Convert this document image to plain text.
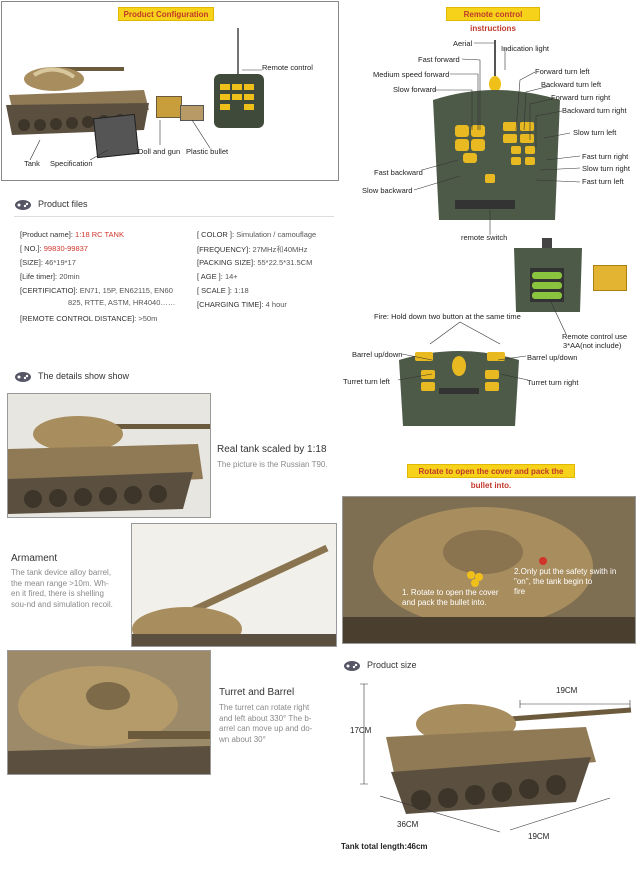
Product Configuration
Remote control
Tank Specification
Doll and gun Plastic bullet
Remote control instructions
Aerial
Indication light
Fast forward
Forward turn left
Medium speed forward
Backward turn left
Slow forward
Forward turn right
Backward turn right
Slow turn left
Fast backward
Fast turn right
Slow turn right
Slow backward
Fast turn left
remote switch
Remote control use
3*AA(not include)
Fire: Hold down two button at the same time
Fire	Fire
Barrel up/down	Barrel up/down
Turret turn left	Turret turn right
Product files
[Product name]: 1:18 RC TANK
[ NO.]: 99830-99837
[SIZE]: 46*19*17
[Life timer]: 20min
[CERTIFICATIO]: EN71, 15P, EN62115, EN60
825, RTTE, ASTM, HR4040……
[REMOTE CONTROL DISTANCE]: >50m
[ COLOR ]: Simulation / camouflage
[FREQUENCY]: 27MHz和40MHz
[PACKING SIZE]: 55*22.5*31.5CM
[ AGE ]: 14+
[ SCALE ]: 1:18
[CHARGING TIME]: 4 hour
The details show show
Real tank scaled by 1:18
The picture is the Russian T90.
Armament
The tank device alloy barrel,
the mean range >10m. Wh-
en it fired, there is shelling
sou-nd and simulation recoil.
Turret and Barrel
The turret can rotate right
and left about 330° The b-
arrel can move up and do-
wn about 30°
Rotate to open the cover and pack the bullet into.
1. Rotate to open the cover
and pack the bullet into.
2.Only put the safety swith in
"on", the tank begin to
fire
Product size
19CM
17CM
36CM
19CM
Tank total length:46cm
